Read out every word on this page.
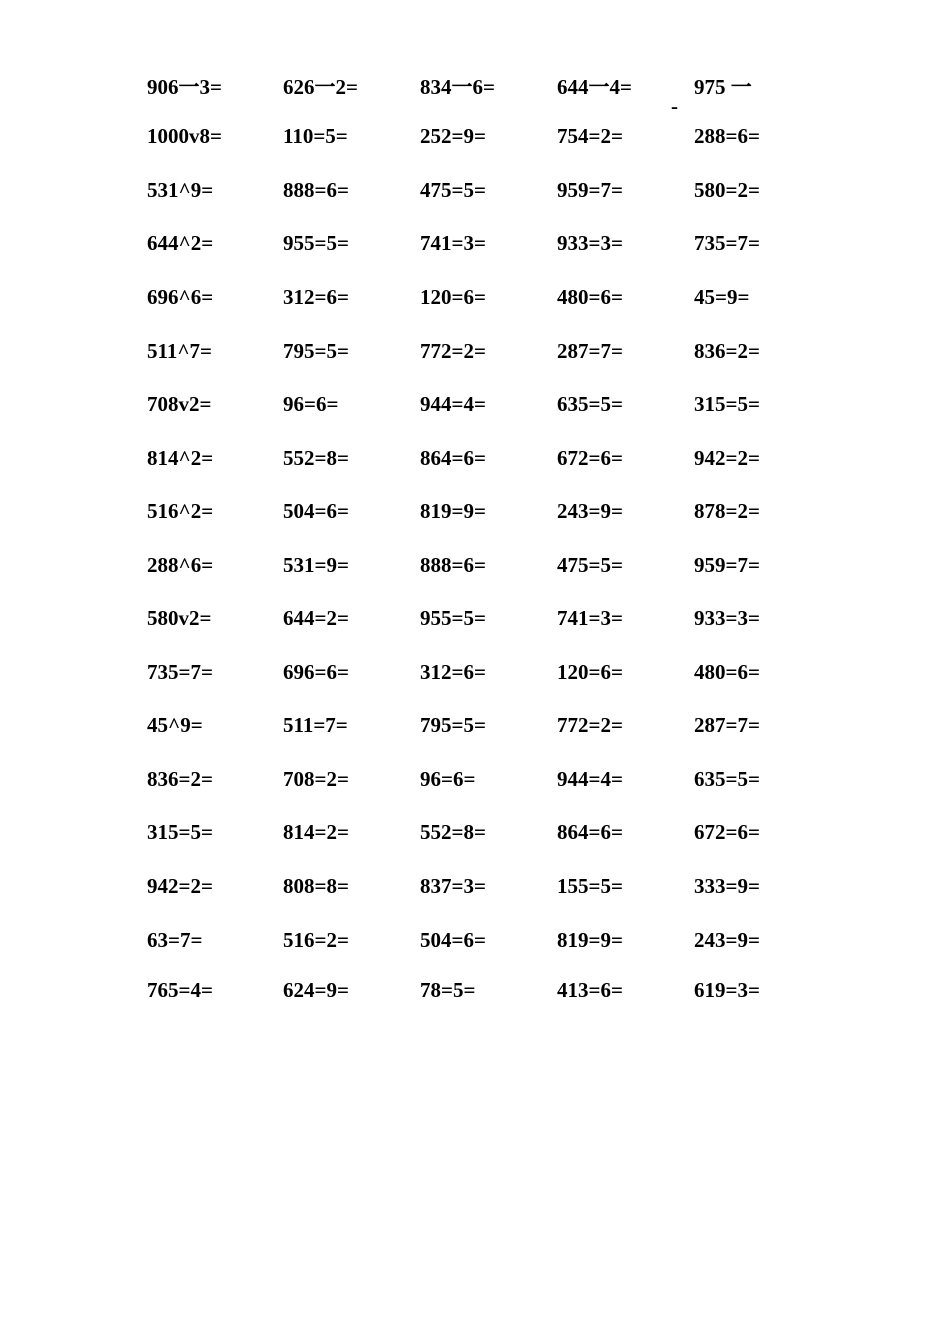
-
906一3=	626一2=	834一6=	644一4=	975 一
1000v8=	110=5=	252=9=	754=2=	288=6=
531^9=	888=6=	475=5=	959=7=	580=2=
644^2=	955=5=	741=3=	933=3=	735=7=
696^6=	312=6=	120=6=	480=6=	45=9=
511^7=	795=5=	772=2=	287=7=	836=2=
708v2=	96=6=	944=4=	635=5=	315=5=
814^2=	552=8=	864=6=	672=6=	942=2=
516^2=	504=6=	819=9=	243=9=	878=2=
288^6=	531=9=	888=6=	475=5=	959=7=
580v2=	644=2=	955=5=	741=3=	933=3=
735=7=	696=6=	312=6=	120=6=	480=6=
45^9=	511=7=	795=5=	772=2=	287=7=
836=2=	708=2=	96=6=	944=4=	635=5=
315=5=	814=2=	552=8=	864=6=	672=6=
942=2=	808=8=	837=3=	155=5=	333=9=
63=7=	516=2=	504=6=	819=9=	243=9=
765=4=	624=9=	78=5=	413=6=	619=3=
